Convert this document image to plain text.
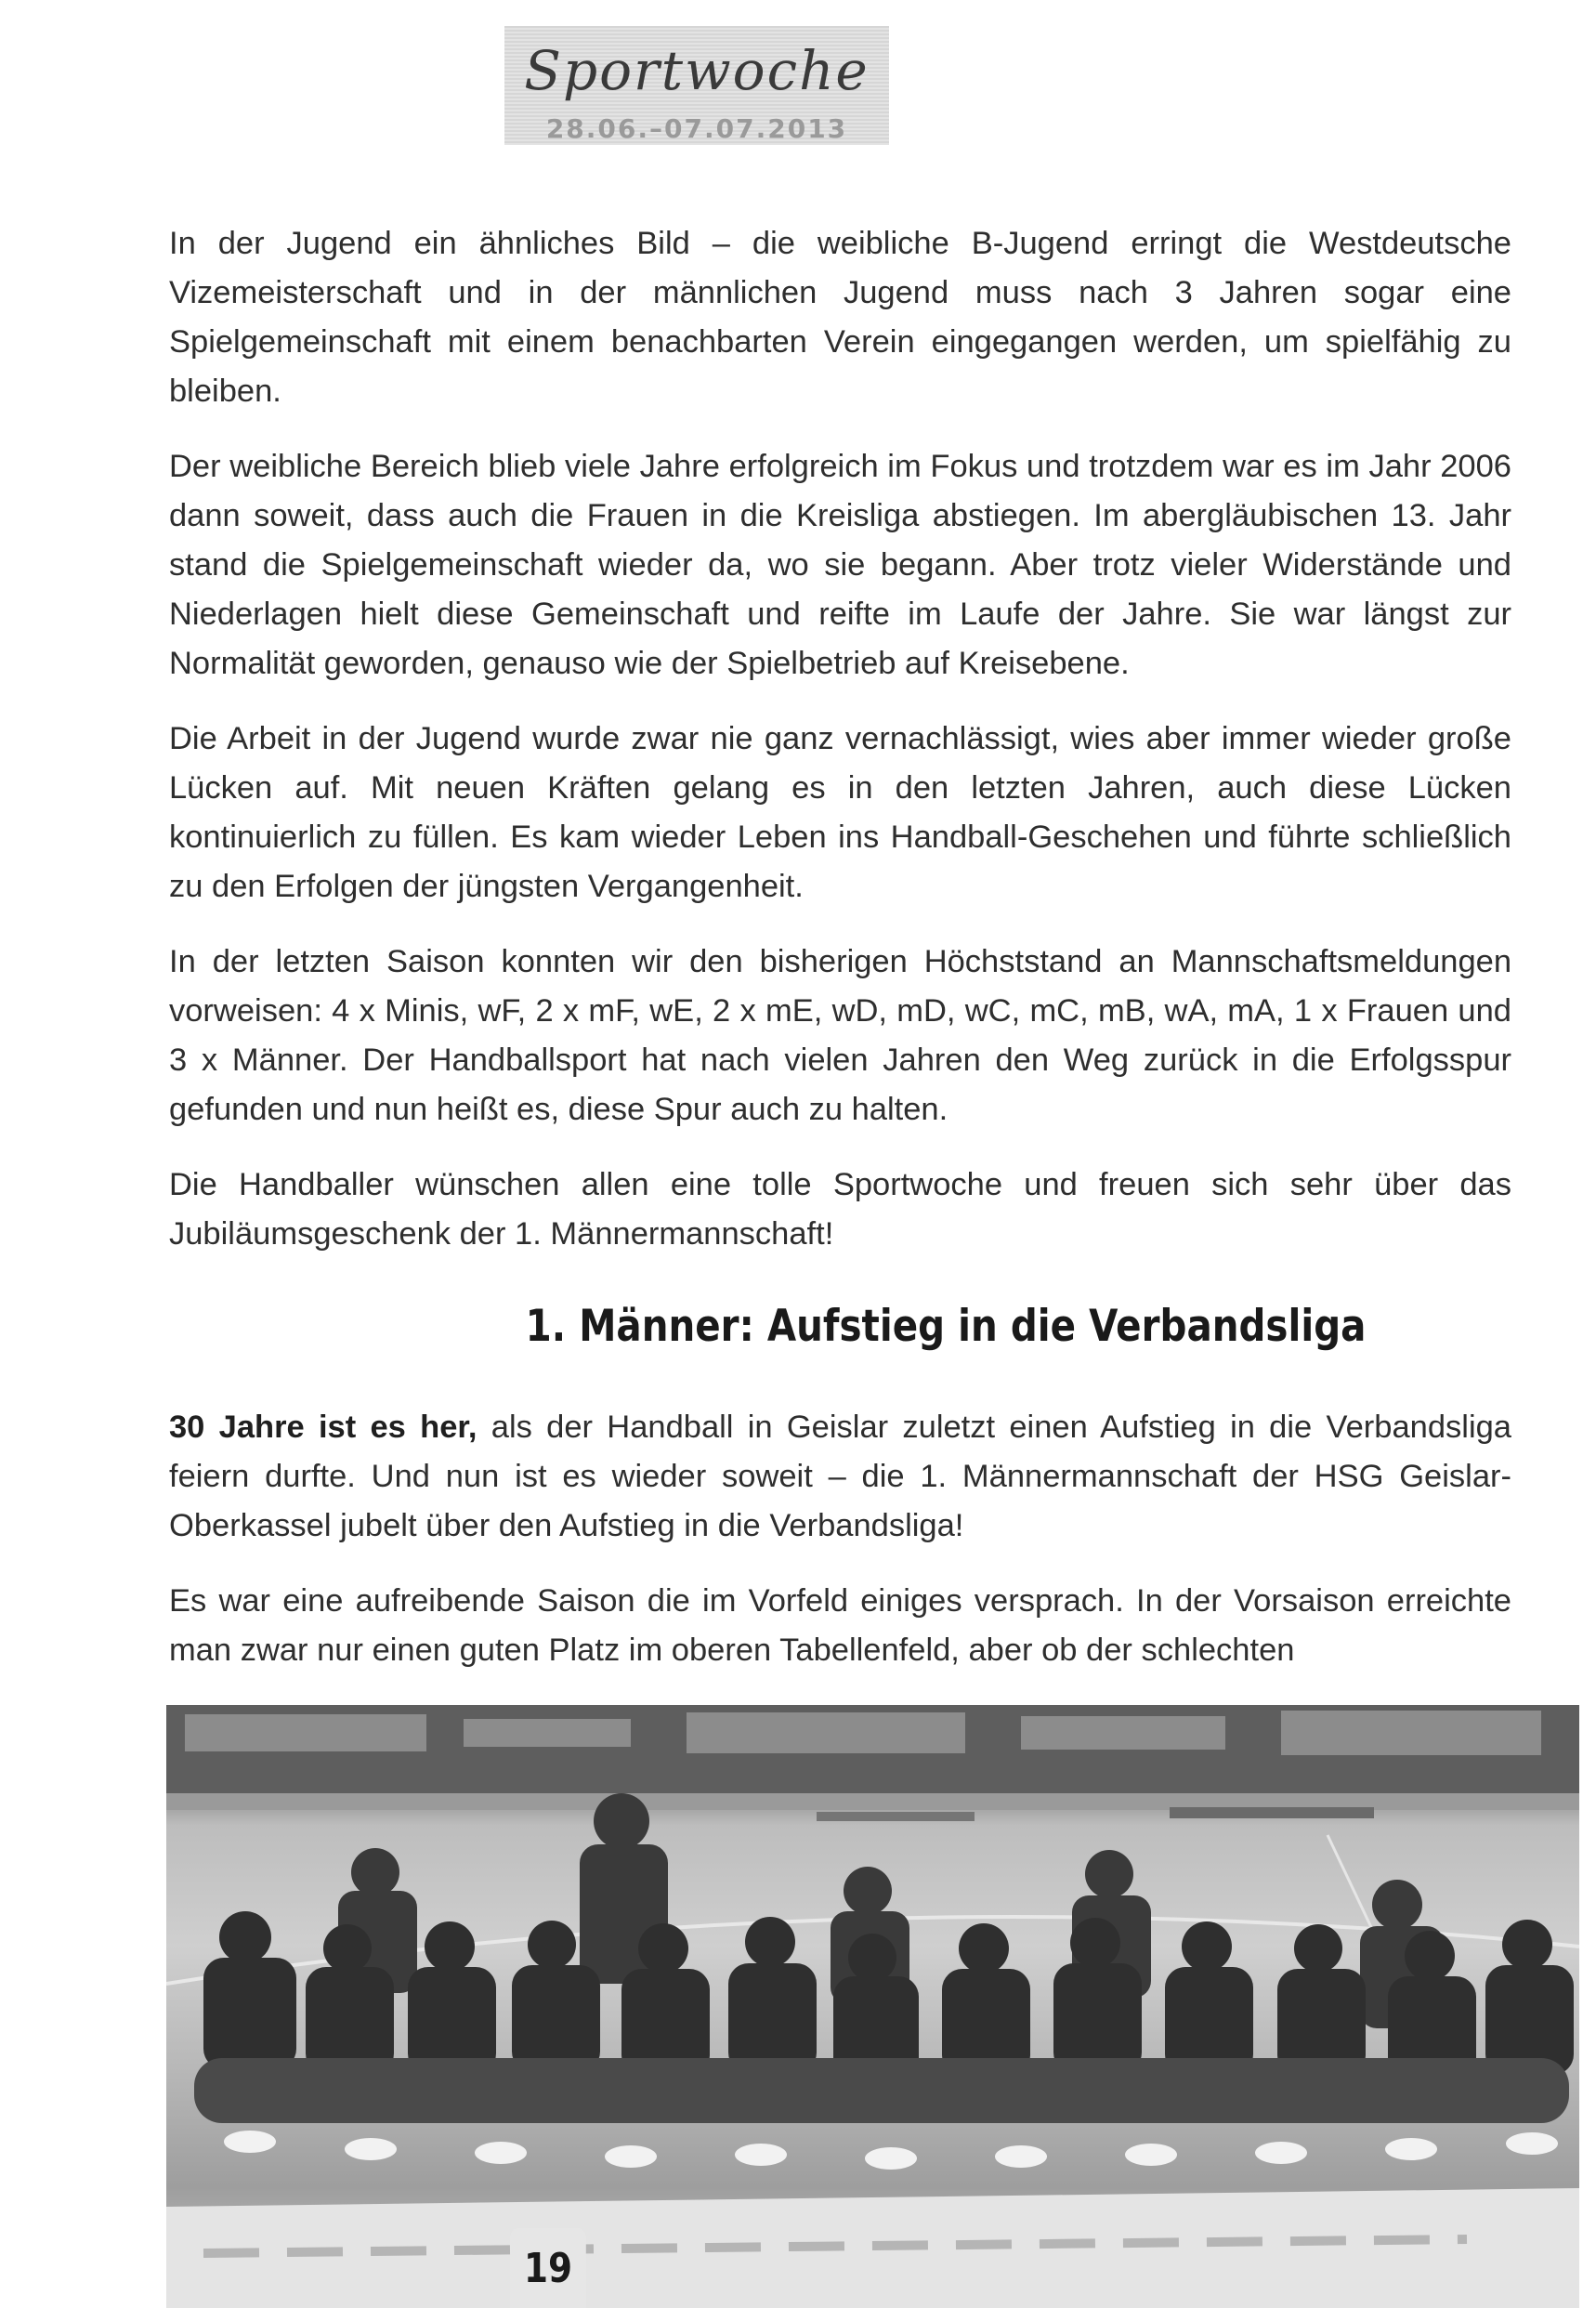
Sportwoche
28.06.–07.07.2013

In der Jugend ein ähnliches Bild – die weibliche B-Jugend erringt die Westdeutsche Vizemeisterschaft und in der männlichen Jugend muss nach 3 Jahren sogar eine Spielgemeinschaft mit einem benachbarten Verein eingegangen werden, um spielfähig zu bleiben.

Der weibliche Bereich blieb viele Jahre erfolgreich im Fokus und trotzdem war es im Jahr 2006 dann soweit, dass auch die Frauen in die Kreisliga abstiegen. Im abergläubischen 13. Jahr stand die Spielgemeinschaft wieder da, wo sie begann. Aber trotz vieler Widerstände und Niederlagen hielt diese Gemeinschaft und reifte im Laufe der Jahre. Sie war längst zur Normalität geworden, genauso wie der Spielbetrieb auf Kreisebene.

Die Arbeit in der Jugend wurde zwar nie ganz vernachlässigt, wies aber immer wieder große Lücken auf. Mit neuen Kräften gelang es in den letzten Jahren, auch diese Lücken kontinuierlich zu füllen. Es kam wieder Leben ins Handball-Geschehen und führte schließlich zu den Erfolgen der jüngsten Vergangenheit.

In der letzten Saison konnten wir den bisherigen Höchststand an Mannschaftsmeldungen vorweisen: 4 x Minis, wF, 2 x mF, wE, 2 x mE, wD, mD, wC, mC, mB, wA, mA, 1 x Frauen und 3 x Männer. Der Handballsport hat nach vielen Jahren den Weg zurück in die Erfolgsspur gefunden und nun heißt es, diese Spur auch zu halten.

Die Handballer wünschen allen eine tolle Sportwoche und freuen sich sehr über das Jubiläumsgeschenk der 1. Männermannschaft!

1. Männer: Aufstieg in die Verbandsliga

30 Jahre ist es her, als der Handball in Geislar zuletzt einen Aufstieg in die Verbandsliga feiern durfte. Und nun ist es wieder soweit – die 1. Männermannschaft der HSG Geislar-Oberkassel jubelt über den Aufstieg in die Verbandsliga!

Es war eine aufreibende Saison die im Vorfeld einiges versprach. In der Vorsaison erreichte man zwar nur einen guten Platz im oberen Tabellenfeld, aber ob der schlechten

19
